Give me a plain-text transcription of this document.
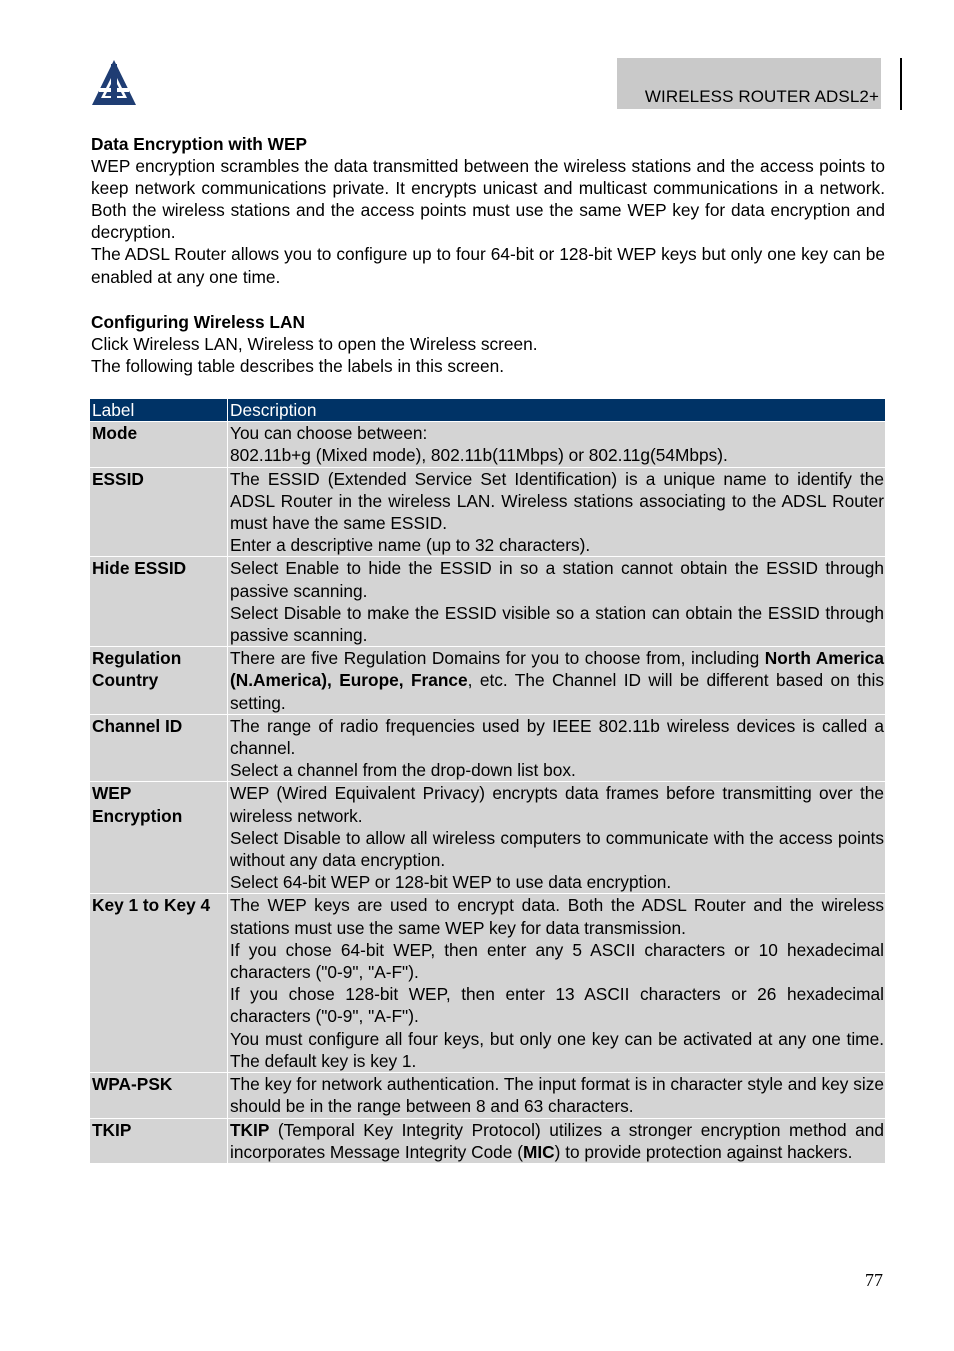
WIRELESS ROUTER ADSL2+
Data Encryption with WEP

WEP encryption scrambles the data transmitted between the wireless stations and the access points to keep network communications private. It encrypts unicast and multicast communications in a network. Both the wireless stations and the access points must use the same WEP key for data encryption and decryption.

The ADSL Router allows you to configure up to four 64-bit or 128-bit WEP keys but only one key can be enabled at any one time.

Configuring Wireless LAN

Click Wireless LAN, Wireless to open the Wireless screen.

The following table describes the labels in this screen.

Label	Description
Mode	You can choose between:
802.11b+g (Mixed mode), 802.11b(11Mbps) or 802.11g(54Mbps).

ESSID	The ESSID (Extended Service Set Identification) is a unique name to identify the ADSL Router in the wireless LAN. Wireless stations associating to the ADSL Router must have the same ESSID.
Enter a descriptive name (up to 32 characters).

Hide ESSID	Select Enable to hide the ESSID in so a station cannot obtain the ESSID through passive scanning.
Select Disable to make the ESSID visible so a station can obtain the ESSID through passive scanning.

Regulation Country	There are five Regulation Domains for you to choose from, including North America (N.America), Europe, France, etc. The Channel ID will be different based on this setting.
Channel ID	The range of radio frequencies used by IEEE 802.11b wireless devices is called a channel.
Select a channel from the drop-down list box.

WEP Encryption	WEP (Wired Equivalent Privacy) encrypts data frames before transmitting over the wireless network.
Select Disable to allow all wireless computers to communicate with the access points without any data encryption.
Select 64-bit WEP or 128-bit WEP to use data encryption.

Key 1 to Key 4	The WEP keys are used to encrypt data. Both the ADSL Router and the wireless stations must use the same WEP key for data transmission.
If you chose 64-bit WEP, then enter any 5 ASCII characters or 10 hexadecimal characters ("0-9", "A-F").
If you chose 128-bit WEP, then enter 13 ASCII characters or 26 hexadecimal characters ("0-9", "A-F").
You must configure all four keys, but only one key can be activated at any one time. The default key is key 1.

WPA-PSK	The key for network authentication. The input format is in character style and key size should be in the range between 8 and 63 characters.

TKIP	TKIP (Temporal Key Integrity Protocol) utilizes a stronger encryption method and incorporates Message Integrity Code (MIC) to provide protection against hackers.
77
